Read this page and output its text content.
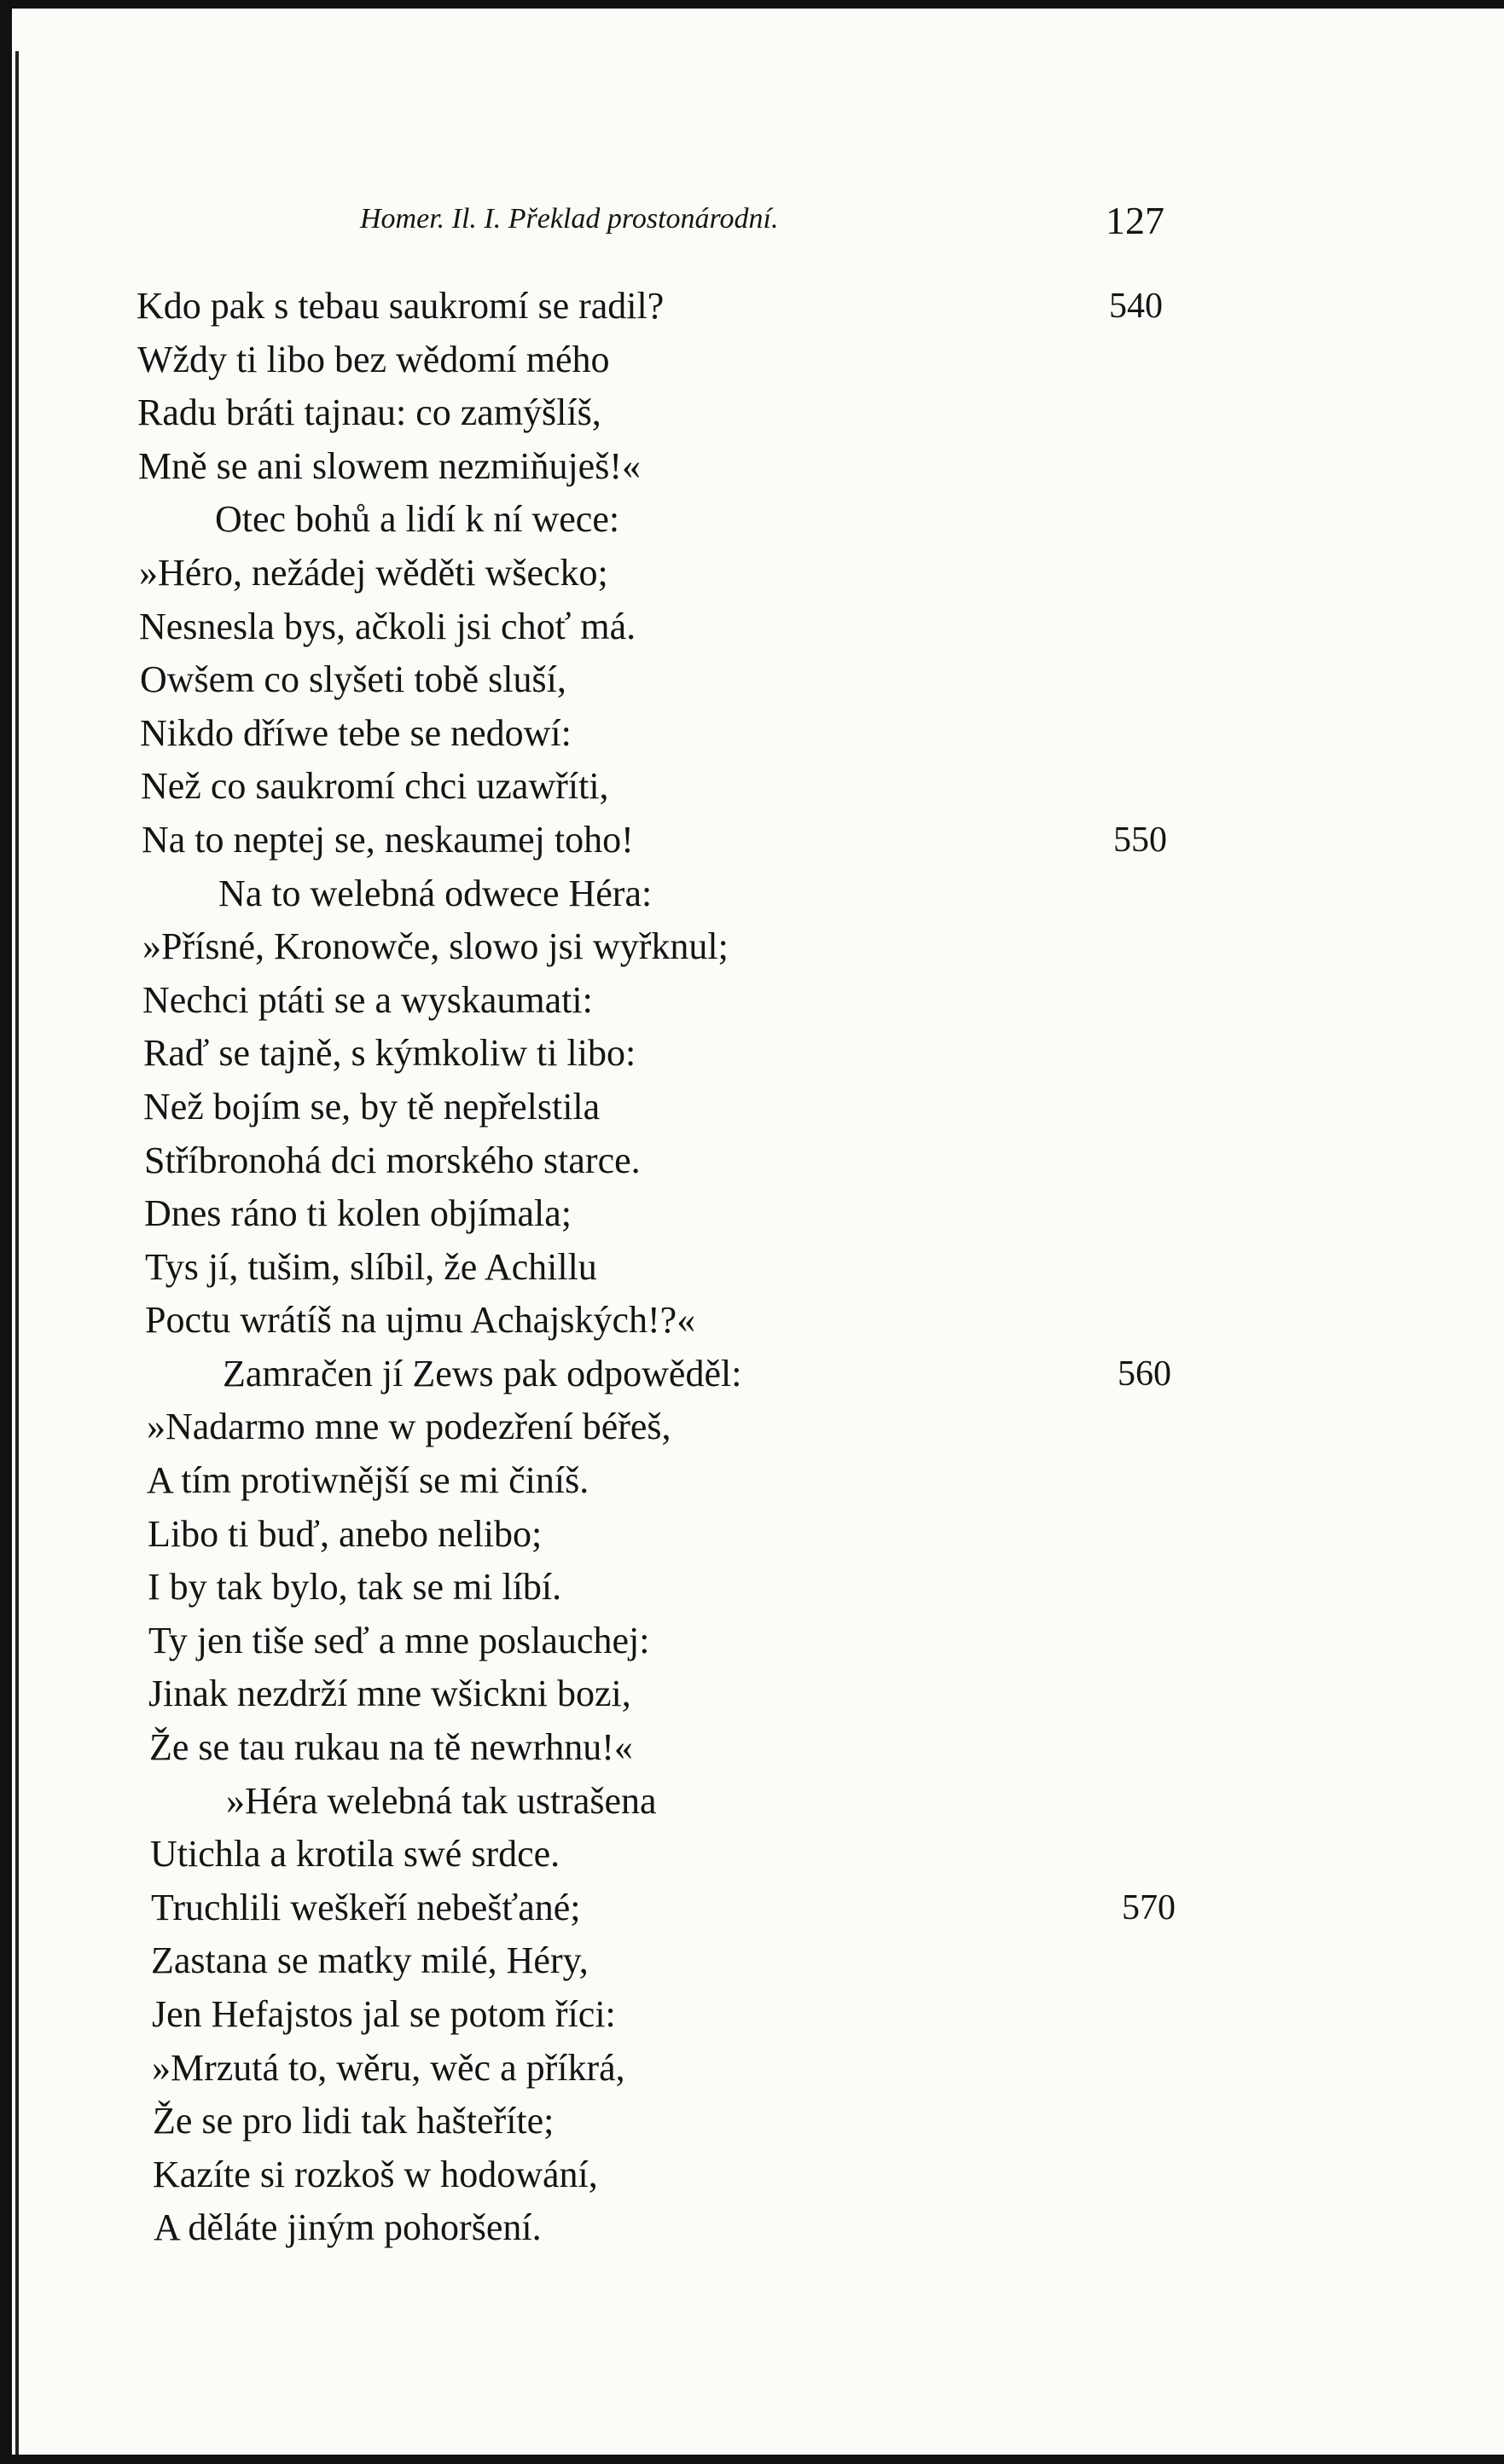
Homer. Il. I. Překlad prostonárodní.	127
Kdo pak s tebau saukromí se radil?	540
Wždy ti libo bez wědomí mého
Radu bráti tajnau: co zamýšlíš,
Mně se ani slowem nezmiňuješ!«
Otec bohů a lidí k ní wece:
»Héro, nežádej wěděti wšecko;
Nesnesla bys, ačkoli jsi choť má.
Owšem co slyšeti tobě sluší,
Nikdo dříwe tebe se nedowí:
Než co saukromí chci uzawříti,
Na to neptej se, neskaumej toho!	550
Na to welebná odwece Héra:
»Přísné, Kronowče, slowo jsi wyřknul;
Nechci ptáti se a wyskaumati:
Raď se tajně, s kýmkoliw ti libo:
Než bojím se, by tě nepřelstila
Stříbronohá dci morského starce.
Dnes ráno ti kolen objímala;
Tys jí, tušim, slíbil, že Achillu
Poctu wrátíš na ujmu Achajských!?«
Zamračen jí Zews pak odpowěděl:	560
»Nadarmo mne w podezření béřeš,
A tím protiwnější se mi činíš.
Libo ti buď, anebo nelibo;
I by tak bylo, tak se mi líbí.
Ty jen tiše seď a mne poslauchej:
Jinak nezdrží mne wšickni bozi,
Že se tau rukau na tě newrhnu!«
»Héra welebná tak ustrašena
Utichla a krotila swé srdce.
Truchlili weškeří nebešťané;	570
Zastana se matky milé, Héry,
Jen Hefajstos jal se potom říci:
»Mrzutá to, wěru, wěc a příkrá,
Že se pro lidi tak hašteříte;
Kazíte si rozkoš w hodowání,
A děláte jiným pohoršení.
